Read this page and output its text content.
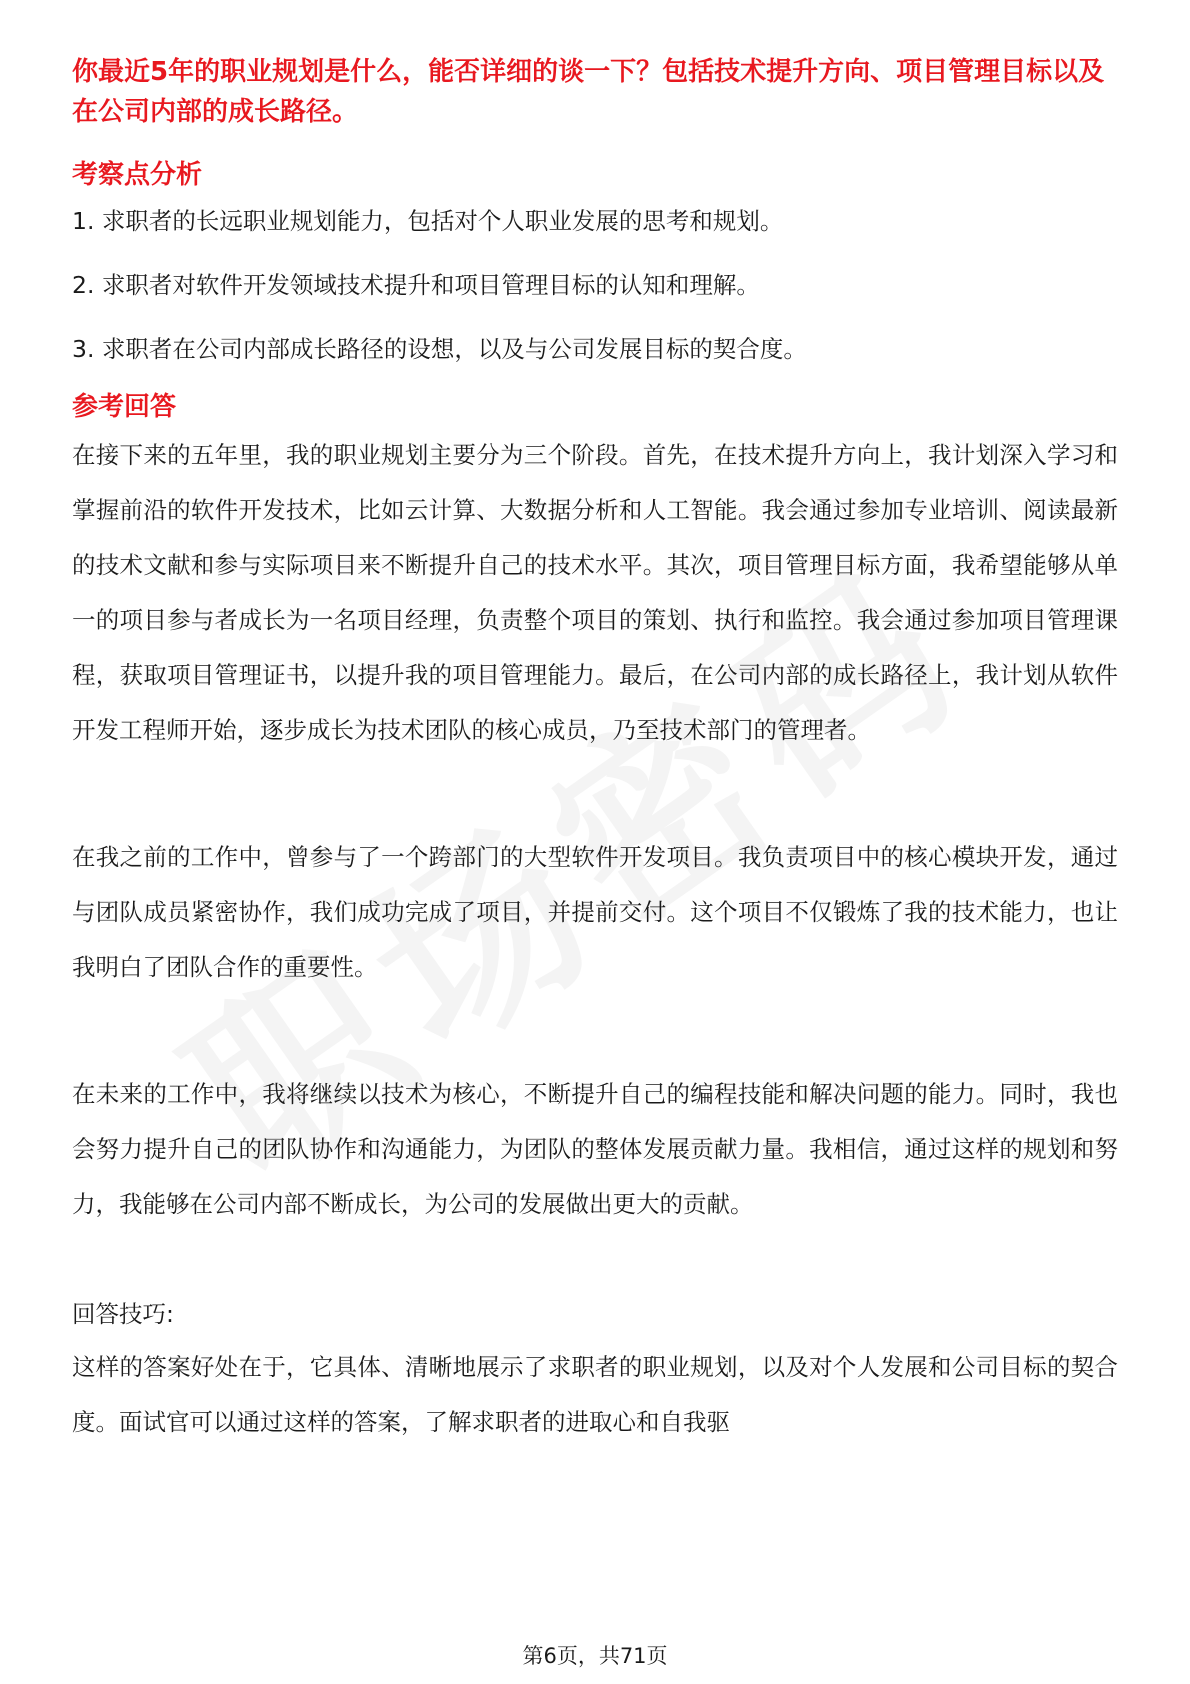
你最近5年的职业规划是什么，能否详细的谈一下？包括技术提升方向、项目管理目标以及在公司内部的成长路径。

考察点分析

1. 求职者的长远职业规划能力，包括对个人职业发展的思考和规划。

2. 求职者对软件开发领域技术提升和项目管理目标的认知和理解。

3. 求职者在公司内部成长路径的设想，以及与公司发展目标的契合度。

参考回答

在接下来的五年里，我的职业规划主要分为三个阶段。首先，在技术提升方向上，我计划深入学习和掌握前沿的软件开发技术，比如云计算、大数据分析和人工智能。我会通过参加专业培训、阅读最新的技术文献和参与实际项目来不断提升自己的技术水平。其次，项目管理目标方面，我希望能够从单一的项目参与者成长为一名项目经理，负责整个项目的策划、执行和监控。我会通过参加项目管理课程，获取项目管理证书，以提升我的项目管理能力。最后，在公司内部的成长路径上，我计划从软件开发工程师开始，逐步成长为技术团队的核心成员，乃至技术部门的管理者。

在我之前的工作中，曾参与了一个跨部门的大型软件开发项目。我负责项目中的核心模块开发，通过与团队成员紧密协作，我们成功完成了项目，并提前交付。这个项目不仅锻炼了我的技术能力，也让我明白了团队合作的重要性。

在未来的工作中，我将继续以技术为核心，不断提升自己的编程技能和解决问题的能力。同时，我也会努力提升自己的团队协作和沟通能力，为团队的整体发展贡献力量。我相信，通过这样的规划和努力，我能够在公司内部不断成长，为公司的发展做出更大的贡献。

回答技巧:

这样的答案好处在于，它具体、清晰地展示了求职者的职业规划，以及对个人发展和公司目标的契合度。面试官可以通过这样的答案，了解求职者的进取心和自我驱

第6页，共71页
